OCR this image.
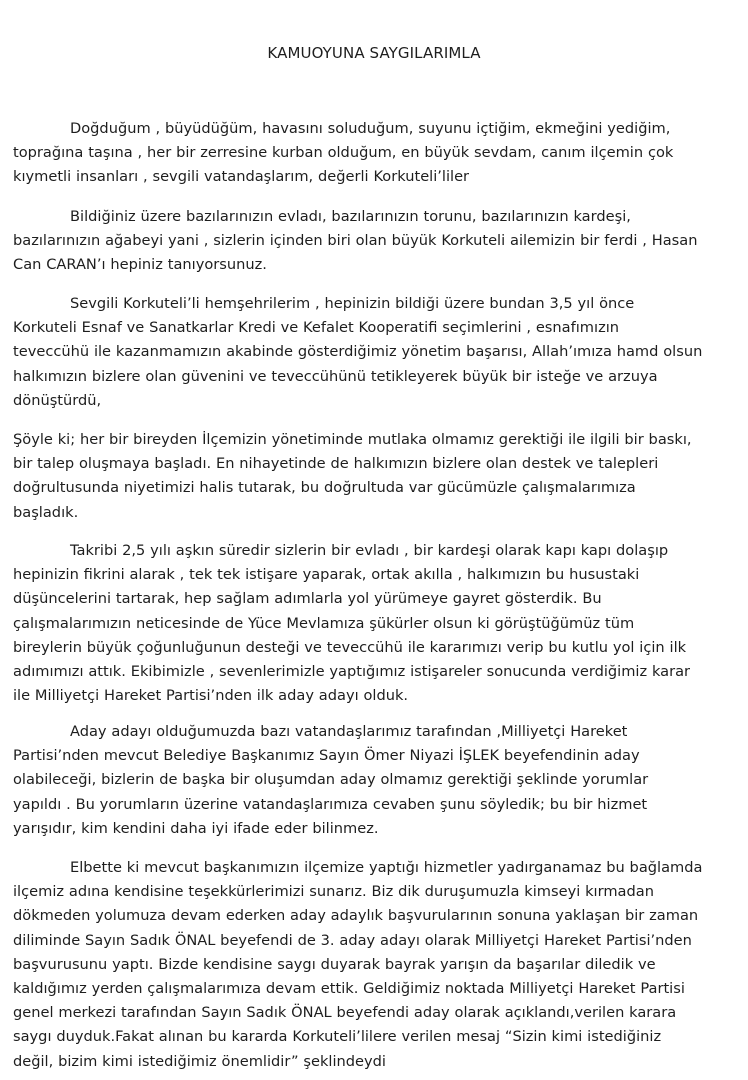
KAMUOYUNA SAYGILARIMLA
Doğduğum , büyüdüğüm, havasını soluduğum, suyunu içtiğim, ekmeğini yediğim,
toprağına taşına , her bir zerresine kurban olduğum, en büyük sevdam, canım ilçemin çok
kıymetli insanları , sevgili vatandaşlarım, değerli Korkuteli’liler
Bildiğiniz üzere bazılarınızın evladı, bazılarınızın torunu, bazılarınızın kardeşi,
bazılarınızın ağabeyi yani , sizlerin içinden biri olan büyük Korkuteli ailemizin bir ferdi , Hasan
Can CARAN’ı hepiniz tanıyorsunuz.
Sevgili Korkuteli’li hemşehrilerim , hepinizin bildiği üzere bundan 3,5 yıl önce
Korkuteli Esnaf ve Sanatkarlar Kredi ve Kefalet Kooperatifi seçimlerini , esnafımızın
teveccühü ile kazanmamızın akabinde gösterdiğimiz yönetim başarısı, Allah’ımıza hamd olsun
halkımızın bizlere olan güvenini ve teveccühünü tetikleyerek büyük bir isteğe ve arzuya
dönüştürdü,
Şöyle ki; her bir bireyden İlçemizin yönetiminde mutlaka olmamız gerektiği ile ilgili bir baskı,
bir talep oluşmaya başladı. En nihayetinde de halkımızın bizlere olan destek ve talepleri
doğrultusunda niyetimizi halis tutarak, bu doğrultuda var gücümüzle çalışmalarımıza
başladık.
Takribi 2,5 yılı aşkın süredir sizlerin bir evladı , bir kardeşi olarak kapı kapı dolaşıp
hepinizin fikrini alarak , tek tek istişare yaparak, ortak akılla , halkımızın bu husustaki
düşüncelerini tartarak, hep sağlam adımlarla yol yürümeye gayret gösterdik. Bu
çalışmalarımızın neticesinde de Yüce Mevlamıza şükürler olsun ki görüştüğümüz tüm
bireylerin büyük çoğunluğunun desteği ve teveccühü ile kararımızı verip bu kutlu yol için ilk
adımımızı attık. Ekibimizle , sevenlerimizle yaptığımız istişareler sonucunda verdiğimiz karar
ile Milliyetçi Hareket Partisi’nden ilk aday adayı olduk.
Aday adayı olduğumuzda bazı vatandaşlarımız tarafından ,Milliyetçi Hareket
Partisi’nden mevcut Belediye Başkanımız Sayın Ömer Niyazi İŞLEK beyefendinin aday
olabileceği, bizlerin de başka bir oluşumdan aday olmamız gerektiği şeklinde yorumlar
yapıldı . Bu yorumların üzerine vatandaşlarımıza cevaben şunu söyledik; bu bir hizmet
yarışıdır, kim kendini daha iyi ifade eder bilinmez.
Elbette ki mevcut başkanımızın ilçemize yaptığı hizmetler yadırganamaz bu bağlamda
ilçemiz adına kendisine teşekkürlerimizi sunarız. Biz dik duruşumuzla kimseyi kırmadan
dökmeden yolumuza devam ederken aday adaylık başvurularının sonuna yaklaşan bir zaman
diliminde Sayın Sadık ÖNAL beyefendi de 3. aday adayı olarak Milliyetçi Hareket Partisi’nden
başvurusunu yaptı. Bizde kendisine saygı duyarak bayrak yarışın da başarılar diledik ve
kaldığımız yerden çalışmalarımıza devam ettik. Geldiğimiz noktada Milliyetçi Hareket Partisi
genel merkezi tarafından Sayın Sadık ÖNAL beyefendi aday olarak açıklandı,verilen karara
saygı duyduk.Fakat alınan bu kararda Korkuteli’lilere verilen mesaj “Sizin kimi istediğiniz
değil, bizim kimi istediğimiz önemlidir” şeklindeydi
